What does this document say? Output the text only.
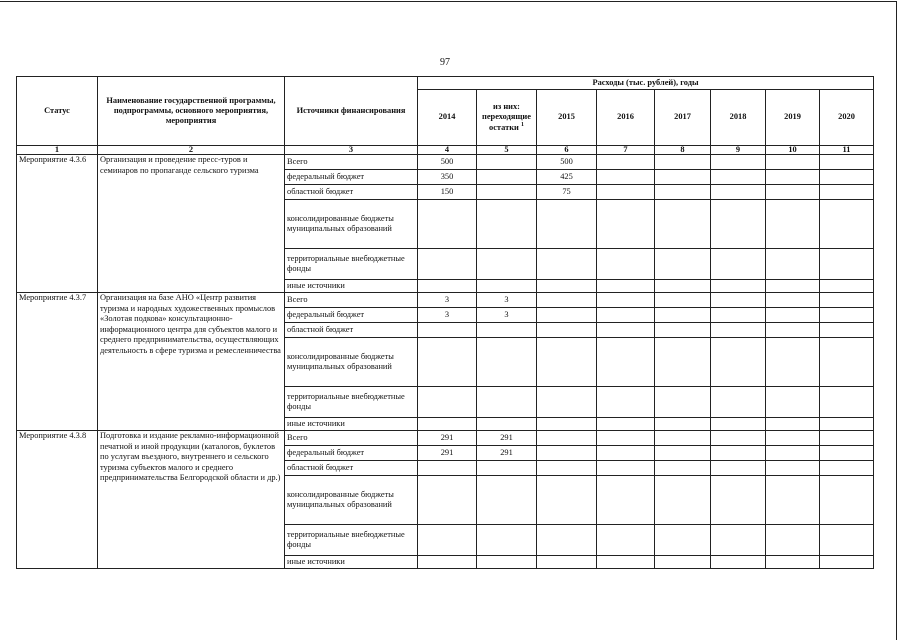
97
Статус	Наименование государственной программы, подпрограммы, основного мероприятия, мероприятия	Источники финансирования	Расходы (тыс. рублей), годы							
			2014	из них: переходящие остатки $^1$	2015	2016	2017	2018	2019	2020
1	2	3	4	5	6	7	8	9	10	11
Мероприятие 4.3.6	Организация и проведение пресс-туров и семинаров по пропаганде сельского туризма	Всего	500		500					
		федеральный бюджет	350		425					
		областной бюджет	150		75					
		консолидированные бюджеты муниципальных образований								
		территориальные внебюджетные фонды								
		иные источники								
Мероприятие 4.3.7	Организация на базе АНО «Центр развития туризма и народных художественных промыслов «Золотая подкова» консультационно-информационного центра для субъектов малого и среднего предпринимательства, осуществляющих деятельность в сфере туризма и ремесленничества	Всего	3	3						
		федеральный бюджет	3	3						
		областной бюджет								
		консолидированные бюджеты муниципальных образований								
		территориальные внебюджетные фонды								
		иные источники								
Мероприятие 4.3.8	Подготовка и издание рекламно-информационной печатной и иной продукции (каталогов, буклетов по услугам въездного, внутреннего и сельского туризма субъектов малого и среднего предпринимательства Белгородской области и др.)	Всего	291	291						
		федеральный бюджет	291	291						
		областной бюджет								
		консолидированные бюджеты муниципальных образований								
		территориальные внебюджетные фонды								
		иные источники								
